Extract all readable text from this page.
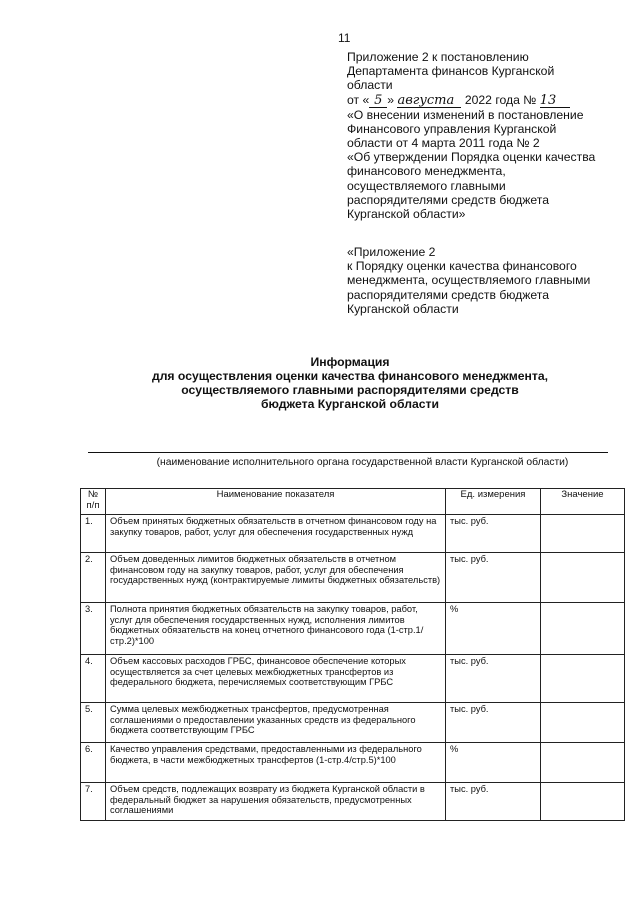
11
Приложение 2 к постановлению
Департамента финансов Курганской
области
от « 5 » августа 2022 года № 13
«О внесении изменений в постановление
Финансового управления Курганской
области от 4 марта 2011 года № 2
«Об утверждении Порядка оценки качества
финансового менеджмента,
осуществляемого главными
распорядителями средств бюджета
Курганской области»
«Приложение 2
к Порядку оценки качества финансового
менеджмента, осуществляемого главными
распорядителями средств бюджета
Курганской области
Информация
для осуществления оценки качества финансового менеджмента,
осуществляемого главными распорядителями средств
бюджета Курганской области
(наименование исполнительного органа государственной власти Курганской области)
№ п/п	Наименование показателя	Ед. измерения	Значение
1.	Объем принятых бюджетных обязательств в отчетном финансовом году на закупку товаров, работ, услуг для обеспечения государственных нужд	тыс. руб.	
2.	Объем доведенных лимитов бюджетных обязательств в отчетном финансовом году на закупку товаров, работ, услуг для обеспечения государственных нужд (контрактируемые лимиты бюджетных обязательств)	тыс. руб.	
3.	Полнота принятия бюджетных обязательств на закупку товаров, работ, услуг для обеспечения государственных нужд, исполнения лимитов бюджетных обязательств на конец отчетного финансового года (1-стр.1/стр.2)*100	%	
4.	Объем кассовых расходов ГРБС, финансовое обеспечение которых осуществляется за счет целевых межбюджетных трансфертов из федерального бюджета, перечисляемых соответствующим ГРБС	тыс. руб.	
5.	Сумма целевых межбюджетных трансфертов, предусмотренная соглашениями о предоставлении указанных средств из федерального бюджета соответствующим ГРБС	тыс. руб.	
6.	Качество управления средствами, предоставленными из федерального бюджета, в части межбюджетных трансфертов (1-стр.4/стр.5)*100	%	
7.	Объем средств, подлежащих возврату из бюджета Курганской области в федеральный бюджет за нарушения обязательств, предусмотренных соглашениями	тыс. руб.	
